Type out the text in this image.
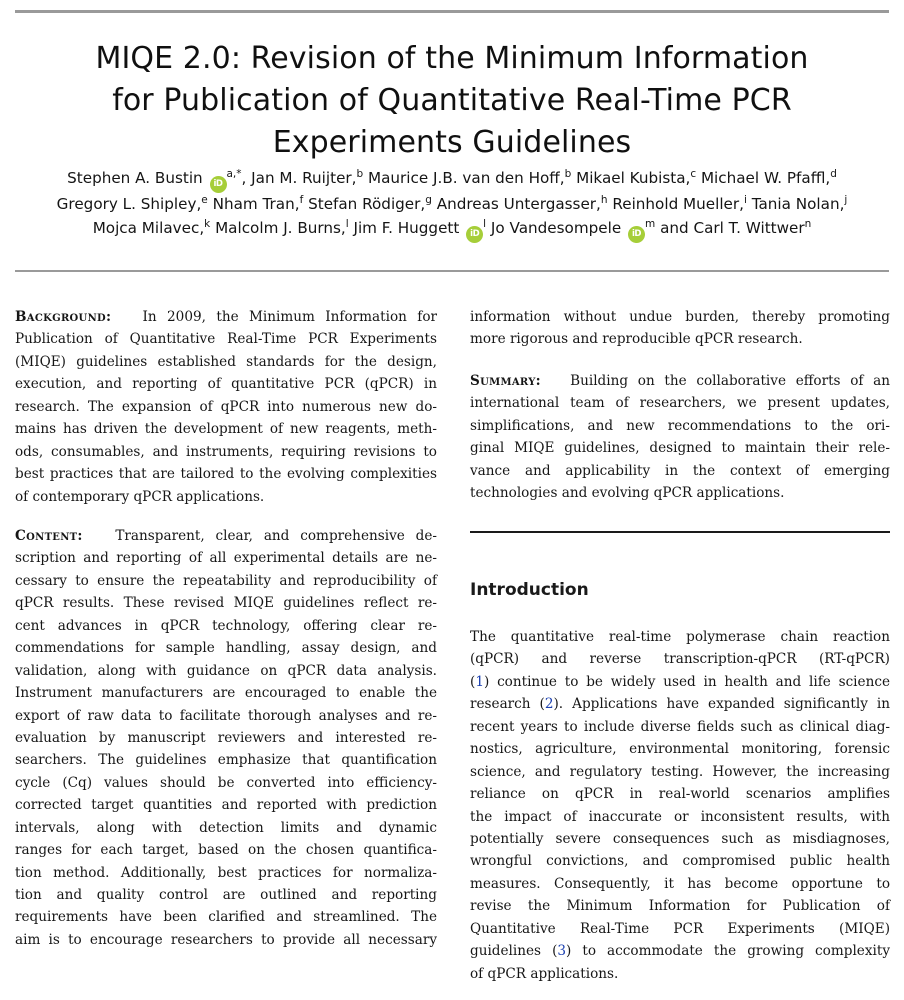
MIQE 2.0: Revision of the Minimum Information
for Publication of Quantitative Real-Time PCR
Experiments Guidelines
Stephen A. Bustin $iD^{a,*}$, Jan M. Ruijter,$^b$ Maurice J.B. van den Hoff,$^b$ Mikael Kubista,$^c$ Michael W. Pfaffl,$^d$
Gregory L. Shipley,$^e$ Nham Tran,$^f$ Stefan Rödiger,$^g$ Andreas Untergasser,$^h$ Reinhold Mueller,$^i$ Tania Nolan,$^j$
Mojca Milavec,$^k$ Malcolm J. Burns,$^l$ Jim F. Huggett $iD^l$ Jo Vandesompele $iD^m$ and Carl T. Wittwer$^n$
Background: In 2009, the Minimum Information for
Publication of Quantitative Real-Time PCR Experiments
(MIQE) guidelines established standards for the design,
execution, and reporting of quantitative PCR (qPCR) in
research. The expansion of qPCR into numerous new do-
mains has driven the development of new reagents, meth-
ods, consumables, and instruments, requiring revisions to
best practices that are tailored to the evolving complexities
of contemporary qPCR applications.
Content: Transparent, clear, and comprehensive de-
scription and reporting of all experimental details are ne-
cessary to ensure the repeatability and reproducibility of
qPCR results. These revised MIQE guidelines reflect re-
cent advances in qPCR technology, offering clear re-
commendations for sample handling, assay design, and
validation, along with guidance on qPCR data analysis.
Instrument manufacturers are encouraged to enable the
export of raw data to facilitate thorough analyses and re-
evaluation by manuscript reviewers and interested re-
searchers. The guidelines emphasize that quantification
cycle (Cq) values should be converted into efficiency-
corrected target quantities and reported with prediction
intervals, along with detection limits and dynamic
ranges for each target, based on the chosen quantifica-
tion method. Additionally, best practices for normaliza-
tion and quality control are outlined and reporting
requirements have been clarified and streamlined. The
aim is to encourage researchers to provide all necessary
information without undue burden, thereby promoting
more rigorous and reproducible qPCR research.
Summary: Building on the collaborative efforts of an
international team of researchers, we present updates,
simplifications, and new recommendations to the ori-
ginal MIQE guidelines, designed to maintain their rele-
vance and applicability in the context of emerging
technologies and evolving qPCR applications.
Introduction
The quantitative real-time polymerase chain reaction
(qPCR) and reverse transcription-qPCR (RT-qPCR)
(1) continue to be widely used in health and life science
research (2). Applications have expanded significantly in
recent years to include diverse fields such as clinical diag-
nostics, agriculture, environmental monitoring, forensic
science, and regulatory testing. However, the increasing
reliance on qPCR in real-world scenarios amplifies
the impact of inaccurate or inconsistent results, with
potentially severe consequences such as misdiagnoses,
wrongful convictions, and compromised public health
measures. Consequently, it has become opportune to
revise the Minimum Information for Publication of
Quantitative Real-Time PCR Experiments (MIQE)
guidelines (3) to accommodate the growing complexity
of qPCR applications.
